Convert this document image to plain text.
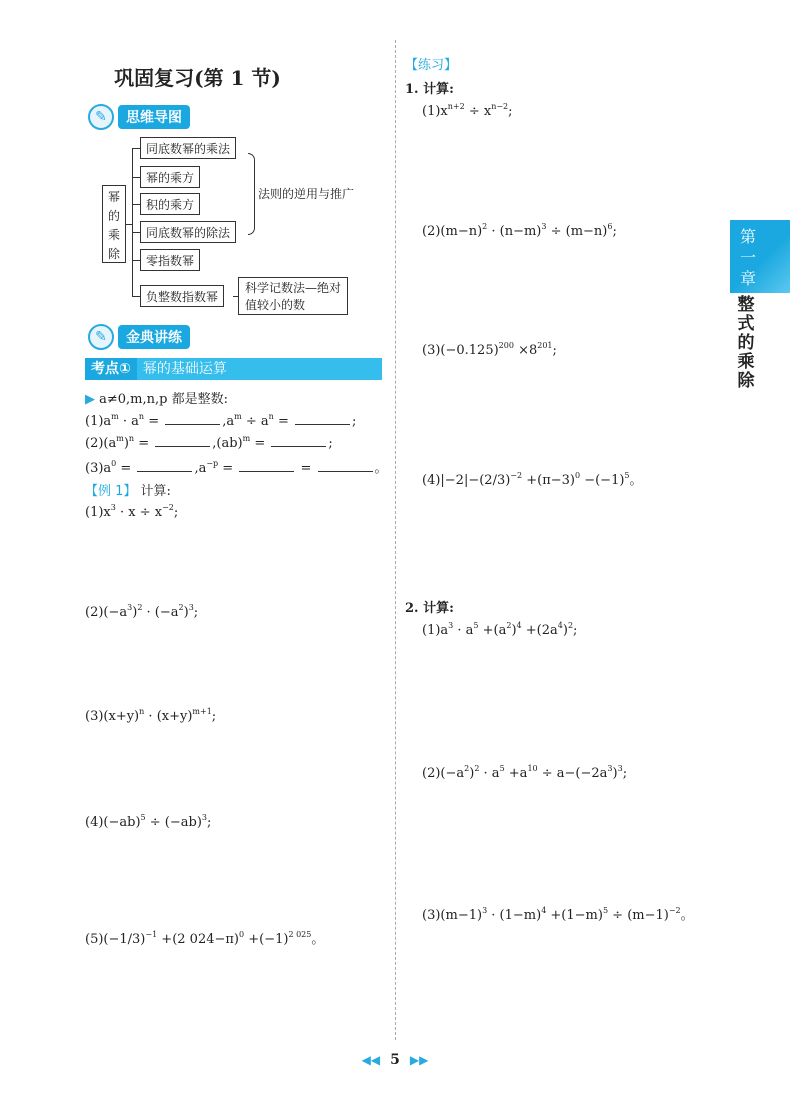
巩固复习(第 1 节)
✎	思维导图
幂的乘除
同底数幂的乘法
幂的乘方
积的乘方
同底数幂的除法
零指数幂
负整数指数幂
法则的逆用与推广
科学记数法—绝对值较小的数
✎	金典讲练
考点① 幂的基础运算
▶ a≠0,m,n,p 都是整数:
$(1)a^m \cdot a^n$ =	$,a^m \div a^n$ =	;
$(2)(a^m)^n$ =	,(ab)$^m$ =	;
$(3)a^0$ =	$,a^{-p}$ =	=	。
【例 1】 计算:
$(1)x^3 \cdot x \div x^{-2}$;
$(2)(-a^3)^2 \cdot (-a^2)^3$;
$(3)(x+y)^n \cdot (x+y)^{m+1}$;
$(4)(-ab)^5 \div (-ab)^3$;
$(5)(-1/3)^{-1} +(2$ $024-\pi)^0 +(-1)^{2 025}$。
【练习】
1. 计算:
$(1)x^{n+2} \div x^{n-2}$;
$(2)(m-n)^2 \cdot (n-m)^3 \div (m-n)^6$;
$(3)(-0.125)^{200} \times 8^{201}$;
$(4)|-2|-(2/3)^{-2} +(\pi-3)^0 -(-1)^5$。
2. 计算:
$(1)a^3 \cdot a^5 +(a^2)^4 +(2a^4)^2$;
$(2)(-a^2)^2 \cdot a^5 +a^{10} \div a-(-2a^3)^3$;
$(3)(m-1)^3 \cdot (1-m)^4 +(1-m)^5 \div (m-1)^{-2}$。
第一章
整式的乘除
◀◀ 5 ▶▶
